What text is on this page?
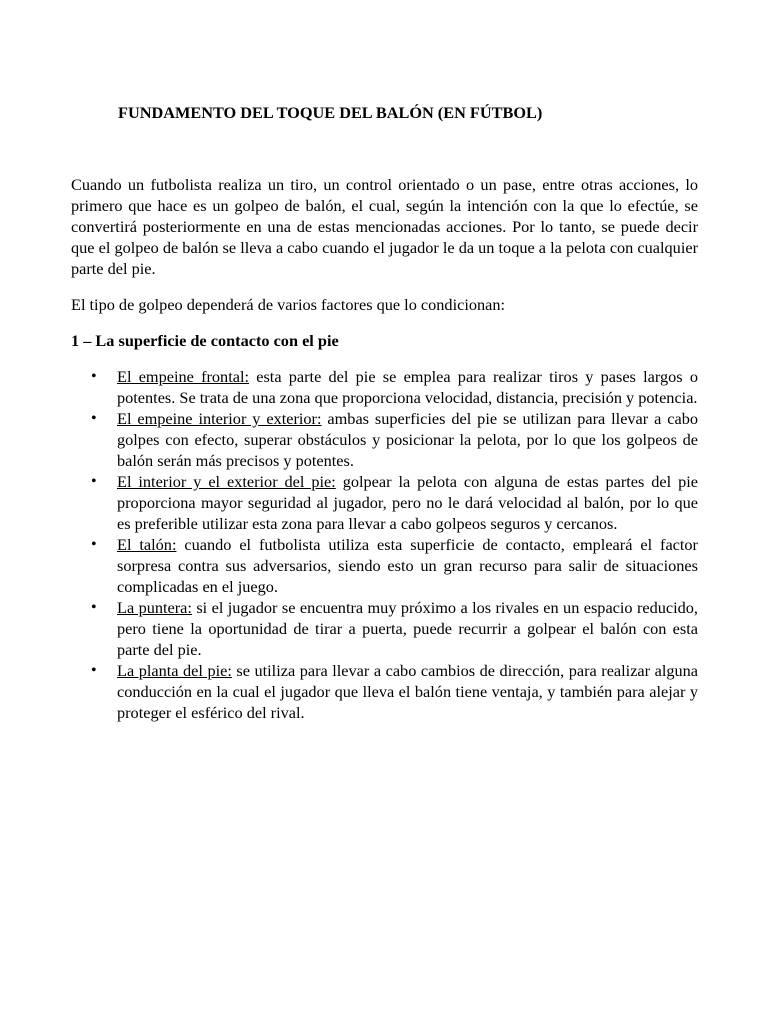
FUNDAMENTO DEL TOQUE DEL BALÓN (EN FÚTBOL)

Cuando un futbolista realiza un tiro, un control orientado o un pase, entre otras acciones, lo primero que hace es un golpeo de balón, el cual, según la intención con la que lo efectúe, se convertirá posteriormente en una de estas mencionadas acciones. Por lo tanto, se puede decir que el golpeo de balón se lleva a cabo cuando el jugador le da un toque a la pelota con cualquier parte del pie.

El tipo de golpeo dependerá de varios factores que lo condicionan:

1 – La superficie de contacto con el pie

• El empeine frontal: esta parte del pie se emplea para realizar tiros y pases largos o potentes. Se trata de una zona que proporciona velocidad, distancia, precisión y potencia.
• El empeine interior y exterior: ambas superficies del pie se utilizan para llevar a cabo golpes con efecto, superar obstáculos y posicionar la pelota, por lo que los golpeos de balón serán más precisos y potentes.
• El interior y el exterior del pie: golpear la pelota con alguna de estas partes del pie proporciona mayor seguridad al jugador, pero no le dará velocidad al balón, por lo que es preferible utilizar esta zona para llevar a cabo golpeos seguros y cercanos.
• El talón: cuando el futbolista utiliza esta superficie de contacto, empleará el factor sorpresa contra sus adversarios, siendo esto un gran recurso para salir de situaciones complicadas en el juego.
• La puntera: si el jugador se encuentra muy próximo a los rivales en un espacio reducido, pero tiene la oportunidad de tirar a puerta, puede recurrir a golpear el balón con esta parte del pie.
• La planta del pie: se utiliza para llevar a cabo cambios de dirección, para realizar alguna conducción en la cual el jugador que lleva el balón tiene ventaja, y también para alejar y proteger el esférico del rival.
